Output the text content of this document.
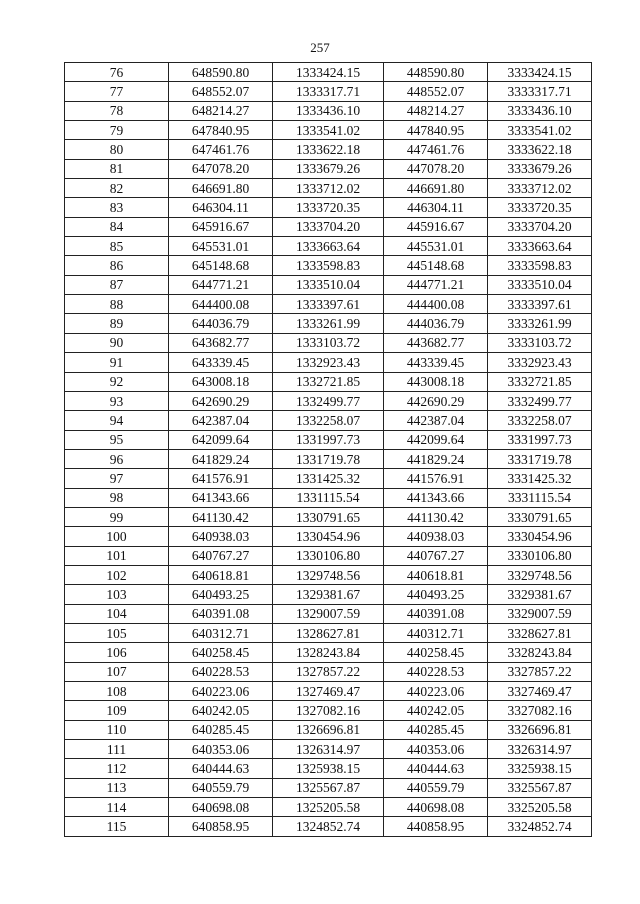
257
76	648590.80	1333424.15	448590.80	3333424.15
77	648552.07	1333317.71	448552.07	3333317.71
78	648214.27	1333436.10	448214.27	3333436.10
79	647840.95	1333541.02	447840.95	3333541.02
80	647461.76	1333622.18	447461.76	3333622.18
81	647078.20	1333679.26	447078.20	3333679.26
82	646691.80	1333712.02	446691.80	3333712.02
83	646304.11	1333720.35	446304.11	3333720.35
84	645916.67	1333704.20	445916.67	3333704.20
85	645531.01	1333663.64	445531.01	3333663.64
86	645148.68	1333598.83	445148.68	3333598.83
87	644771.21	1333510.04	444771.21	3333510.04
88	644400.08	1333397.61	444400.08	3333397.61
89	644036.79	1333261.99	444036.79	3333261.99
90	643682.77	1333103.72	443682.77	3333103.72
91	643339.45	1332923.43	443339.45	3332923.43
92	643008.18	1332721.85	443008.18	3332721.85
93	642690.29	1332499.77	442690.29	3332499.77
94	642387.04	1332258.07	442387.04	3332258.07
95	642099.64	1331997.73	442099.64	3331997.73
96	641829.24	1331719.78	441829.24	3331719.78
97	641576.91	1331425.32	441576.91	3331425.32
98	641343.66	1331115.54	441343.66	3331115.54
99	641130.42	1330791.65	441130.42	3330791.65
100	640938.03	1330454.96	440938.03	3330454.96
101	640767.27	1330106.80	440767.27	3330106.80
102	640618.81	1329748.56	440618.81	3329748.56
103	640493.25	1329381.67	440493.25	3329381.67
104	640391.08	1329007.59	440391.08	3329007.59
105	640312.71	1328627.81	440312.71	3328627.81
106	640258.45	1328243.84	440258.45	3328243.84
107	640228.53	1327857.22	440228.53	3327857.22
108	640223.06	1327469.47	440223.06	3327469.47
109	640242.05	1327082.16	440242.05	3327082.16
110	640285.45	1326696.81	440285.45	3326696.81
111	640353.06	1326314.97	440353.06	3326314.97
112	640444.63	1325938.15	440444.63	3325938.15
113	640559.79	1325567.87	440559.79	3325567.87
114	640698.08	1325205.58	440698.08	3325205.58
115	640858.95	1324852.74	440858.95	3324852.74
